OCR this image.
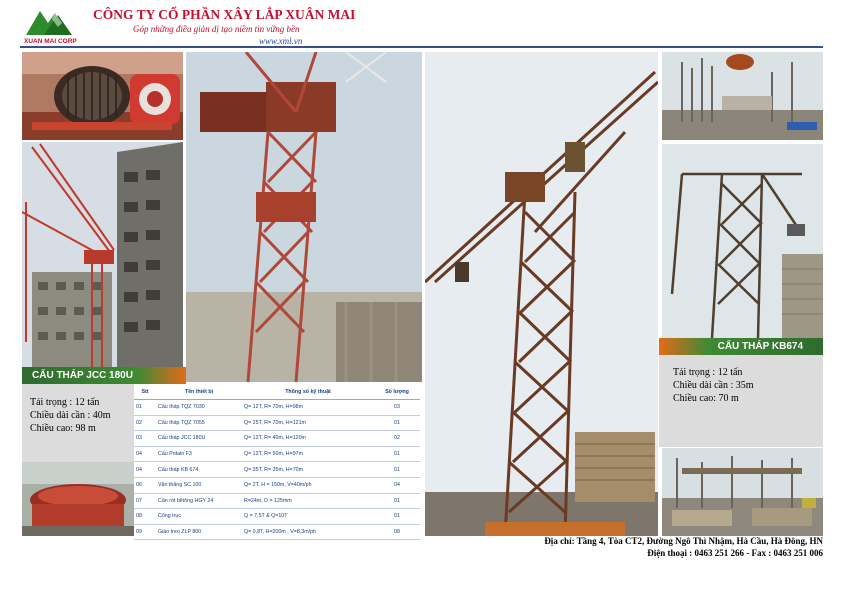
XUAN MAI CORP
CÔNG TY CỔ PHẦN XÂY LẮP XUÂN MAI
Góp những điều giản dị tạo niềm tin vững bền
www.xml.vn
CẨU THÁP JCC 180U
CẨU THÁP KB674
Tải trọng : 12 tấn
Chiều dài cần : 40m
Chiều cao: 98 m
Tải trọng : 12 tấn
Chiều dài cần : 35m
Chiều cao: 70 m
Stt	Tên thiết bị	Thông số kỹ thuật	Số lượng
01	Cẩu tháp TQZ 7030	Q= 12T, R= 70m, H=98m	03
02	Cẩu tháp TQZ 7055	Q= 25T, R= 70m, H=121m	01
03	Cẩu tháp JCC 180U	Q= 12T, R= 40m, H=120m	02
04	Cẩu Potain F3	Q= 12T, R= 50m, H=97m	01
04	Cẩu tháp KB 674	Q= 35T, R= 35m, H=70m	01
06	Vận thăng SC 100	Q= 2T, H = 150m, V=40m/ph	04
07	Cần rót bêtông HGY 24	R=24m, D = 125mm	01
08	Cổng trục	Q = 7,5T & Q=10T	01
09	Giáo treo ZLP 800	Q= 0,8T, H=200m , V=8,3m/ph	08
Địa chỉ: Tầng 4, Tòa CT2, Đường Ngô Thì Nhậm, Hà Cầu, Hà Đông, HN
Điện thoại : 0463 251 266 - Fax : 0463 251 006
